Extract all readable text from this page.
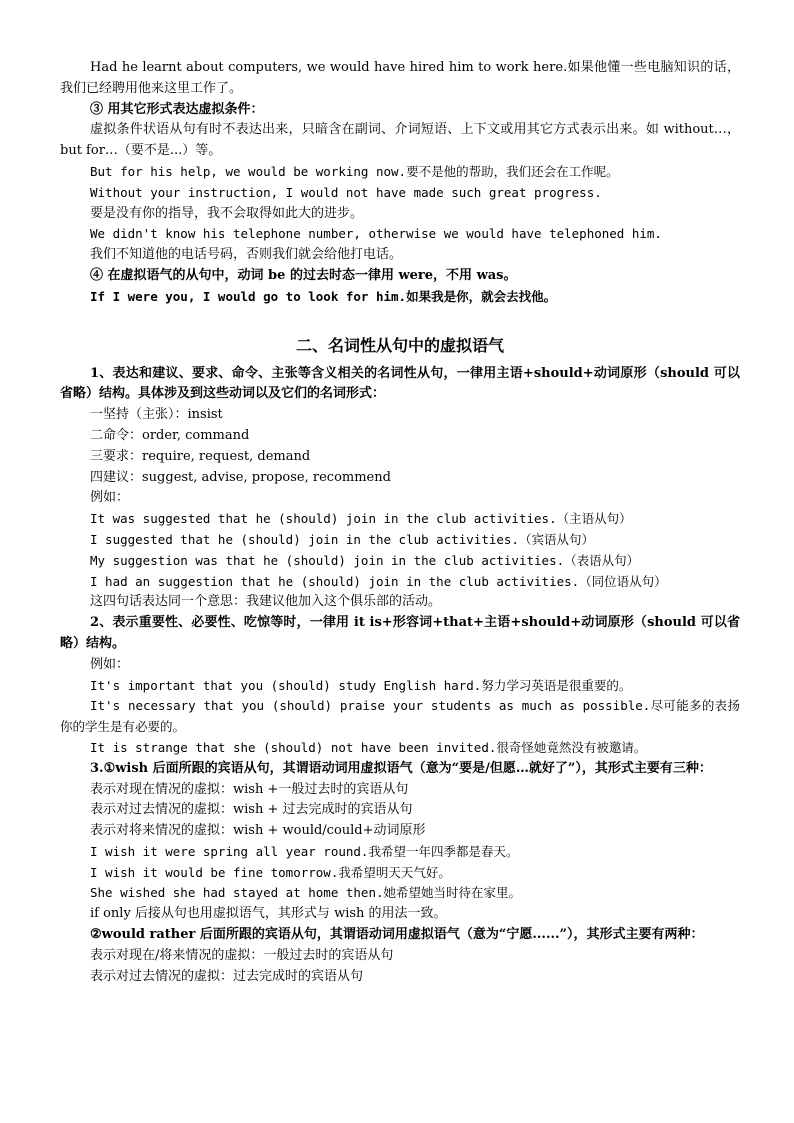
Had he learnt about computers, we would have hired him to work here.如果他懂一些电脑知识的话，我们已经聘用他来这里工作了。

③ 用其它形式表达虚拟条件：

虚拟条件状语从句有时不表达出来，只暗含在副词、介词短语、上下文或用其它方式表示出来。如 without…，but for…（要不是...）等。

But for his help, we would be working now.要不是他的帮助，我们还会在工作呢。

Without your instruction, I would not have made such great progress.

要是没有你的指导，我不会取得如此大的进步。

We didn't know his telephone number, otherwise we would have telephoned him.

我们不知道他的电话号码，否则我们就会给他打电话。

④ 在虚拟语气的从句中，动词 be 的过去时态一律用 were，不用 was。

If I were you, I would go to look for him.如果我是你，就会去找他。

二、名词性从句中的虚拟语气

1、表达和建议、要求、命令、主张等含义相关的名词性从句，一律用主语+should+动词原形（should 可以省略）结构。具体涉及到这些动词以及它们的名词形式：

一坚持（主张）：insist

二命令：order, command

三要求：require, request, demand

四建议：suggest, advise, propose, recommend

例如：

It was suggested that he (should) join in the club activities.（主语从句）

I suggested that he (should) join in the club activities.（宾语从句）

My suggestion was that he (should) join in the club activities.（表语从句）

I had an suggestion that he (should) join in the club activities.（同位语从句）

这四句话表达同一个意思：我建议他加入这个俱乐部的活动。

2、表示重要性、必要性、吃惊等时，一律用 it is+形容词+that+主语+should+动词原形（should 可以省略）结构。

例如：

It's important that you (should) study English hard.努力学习英语是很重要的。

It's necessary that you (should) praise your students as much as possible.尽可能多的表扬你的学生是有必要的。

It is strange that she (should) not have been invited.很奇怪她竟然没有被邀请。

3.①wish 后面所跟的宾语从句，其谓语动词用虚拟语气（意为“要是/但愿…就好了”），其形式主要有三种：

表示对现在情况的虚拟：wish +一般过去时的宾语从句

表示对过去情况的虚拟：wish + 过去完成时的宾语从句

表示对将来情况的虚拟：wish + would/could+动词原形

I wish it were spring all year round.我希望一年四季都是春天。

I wish it would be fine tomorrow.我希望明天天气好。

She wished she had stayed at home then.她希望她当时待在家里。

if only 后接从句也用虚拟语气，其形式与 wish 的用法一致。

②would rather 后面所跟的宾语从句，其谓语动词用虚拟语气（意为“宁愿......”），其形式主要有两种：

表示对现在/将来情况的虚拟：一般过去时的宾语从句

表示对过去情况的虚拟：过去完成时的宾语从句
